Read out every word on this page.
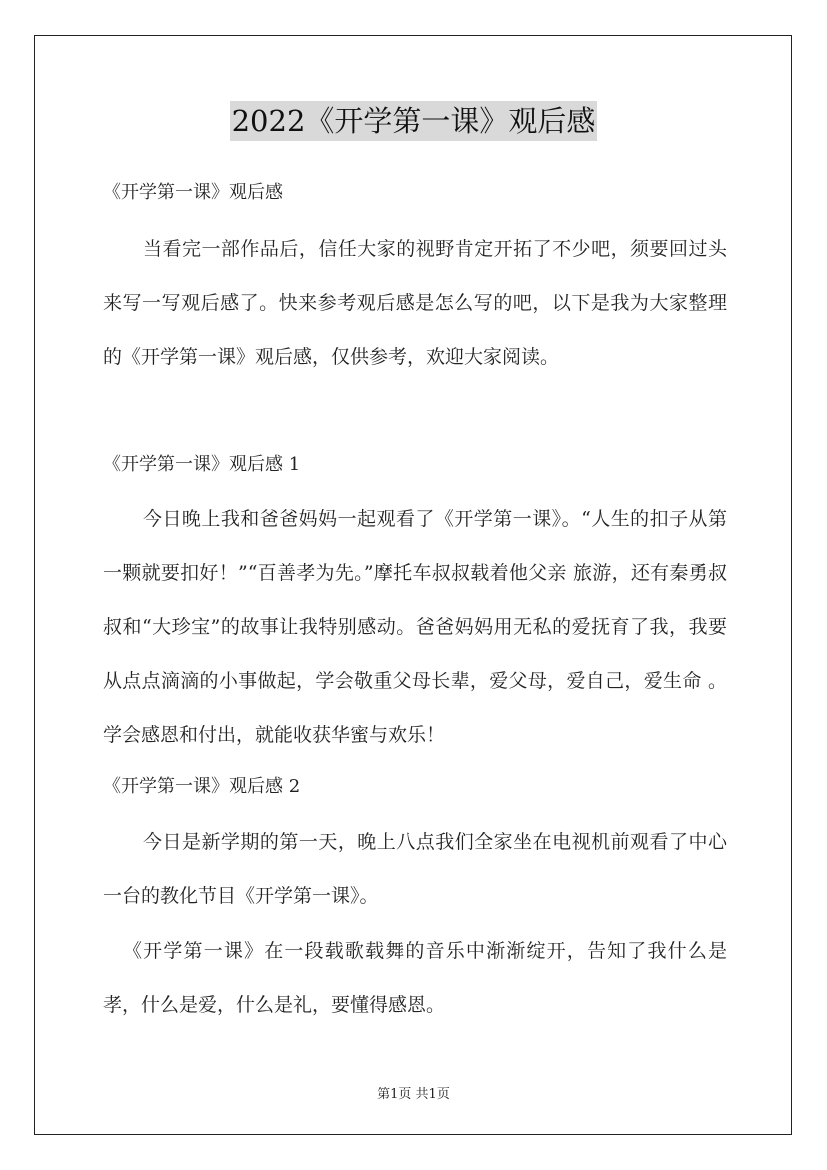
2022《开学第一课》观后感
《开学第一课》观后感
当看完一部作品后，信任大家的视野肯定开拓了不少吧，须要回过头来写一写观后感了。快来参考观后感是怎么写的吧，以下是我为大家整理的《开学第一课》观后感，仅供参考，欢迎大家阅读。
《开学第一课》观后感 1
今日晚上我和爸爸妈妈一起观看了《开学第一课》。“人生的扣子从第一颗就要扣好！”“百善孝为先。”摩托车叔叔载着他父亲 旅游，还有秦勇叔叔和“大珍宝”的故事让我特别感动。爸爸妈妈用无私的爱抚育了我，我要从点点滴滴的小事做起，学会敬重父母长辈，爱父母，爱自己，爱生命 。学会感恩和付出，就能收获华蜜与欢乐！
《开学第一课》观后感 2
今日是新学期的第一天，晚上八点我们全家坐在电视机前观看了中心一台的教化节目《开学第一课》。
《开学第一课》在一段载歌载舞的音乐中渐渐绽开，告知了我什么是孝，什么是爱，什么是礼，要懂得感恩。
第1页 共1页
